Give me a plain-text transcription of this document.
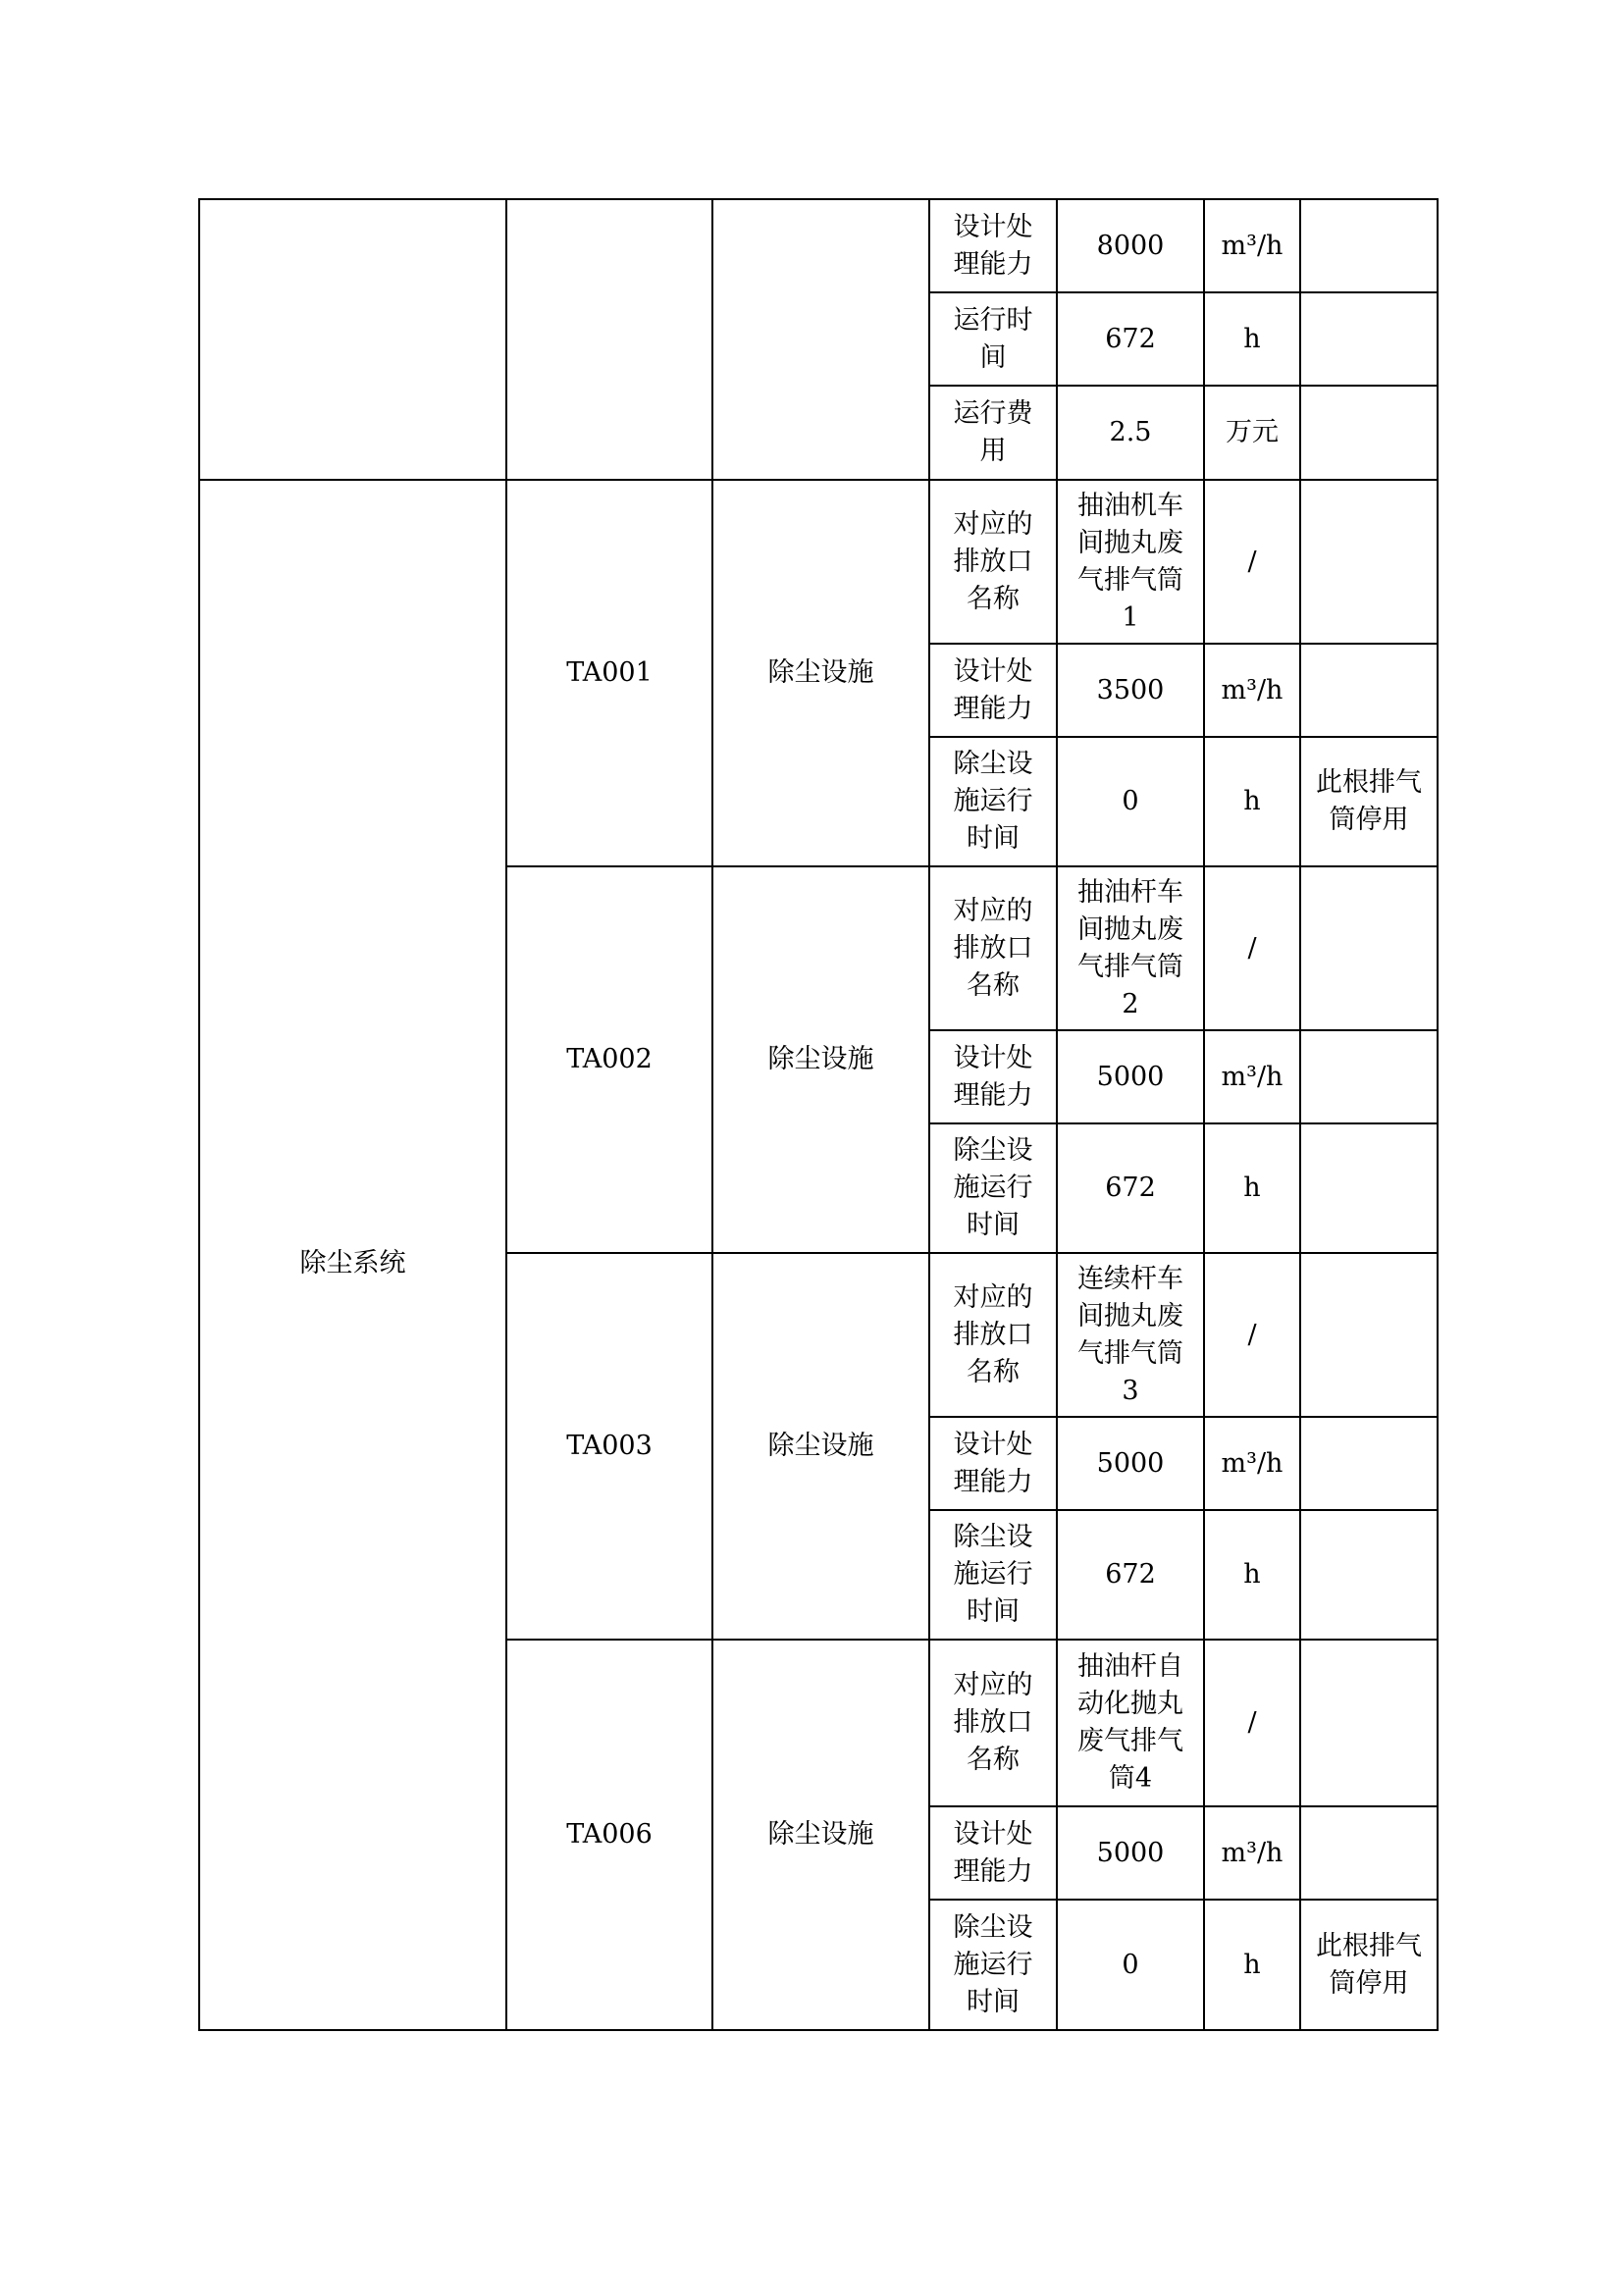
			设计处理能力	8000	m³/h	
			运行时间	672	h	
			运行费用	2.5	万元	
除尘系统	TA001	除尘设施	对应的排放口名称	抽油机车间抛丸废气排气筒1	/	
			设计处理能力	3500	m³/h	
			除尘设施运行时间	0	h	此根排气筒停用
	TA002	除尘设施	对应的排放口名称	抽油杆车间抛丸废气排气筒2	/	
			设计处理能力	5000	m³/h	
			除尘设施运行时间	672	h	
	TA003	除尘设施	对应的排放口名称	连续杆车间抛丸废气排气筒3	/	
			设计处理能力	5000	m³/h	
			除尘设施运行时间	672	h	
	TA006	除尘设施	对应的排放口名称	抽油杆自动化抛丸废气排气筒4	/	
			设计处理能力	5000	m³/h	
			除尘设施运行时间	0	h	此根排气筒停用
